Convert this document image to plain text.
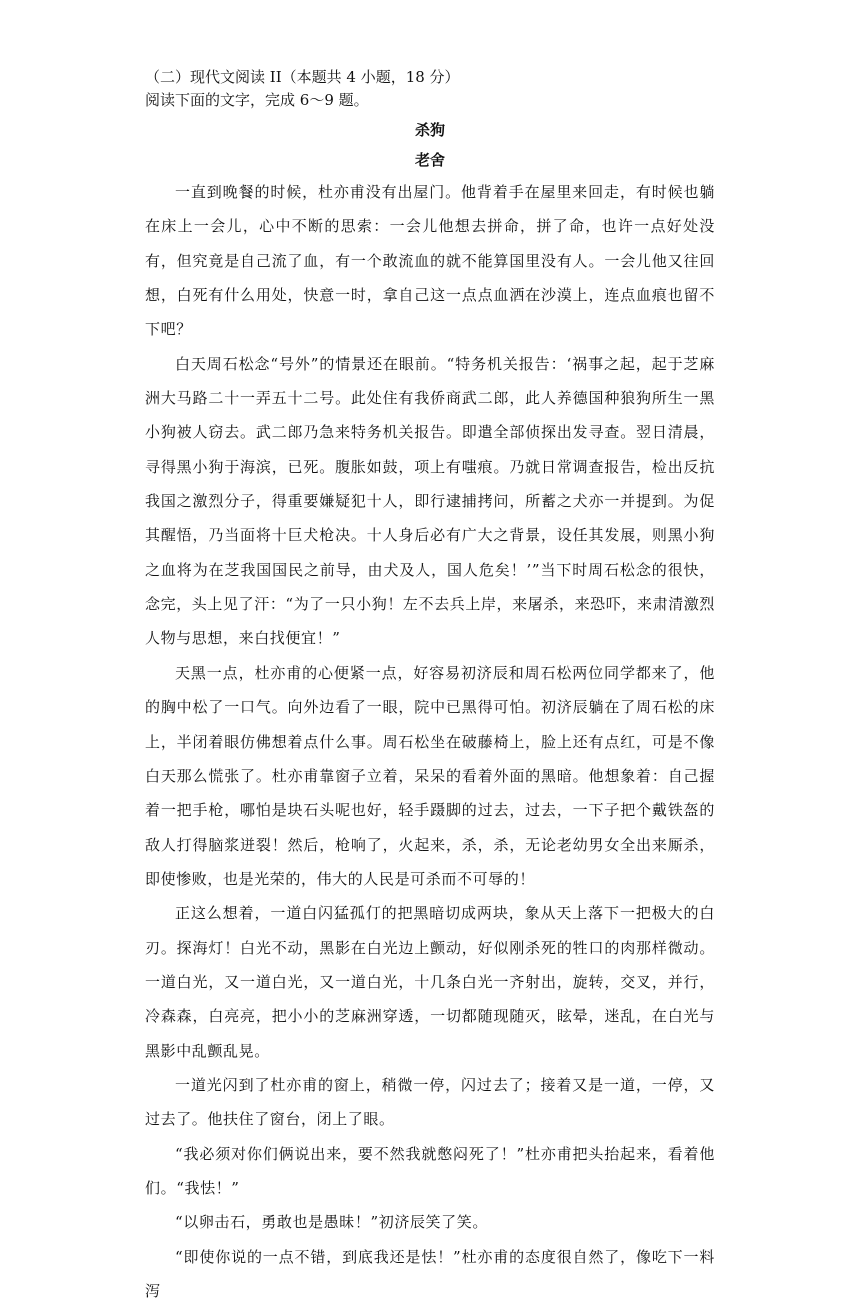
（二）现代文阅读 II（本题共 4 小题，18 分）
阅读下面的文字，完成 6～9 题。
杀狗
老舍

一直到晚餐的时候，杜亦甫没有出屋门。他背着手在屋里来回走，有时候也躺在床上一会儿，心中不断的思索：一会儿他想去拼命，拼了命，也许一点好处没有，但究竟是自己流了血，有一个敢流血的就不能算国里没有人。一会儿他又往回想，白死有什么用处，快意一时，拿自己这一点点血洒在沙漠上，连点血痕也留不下吧？

白天周石松念“号外”的情景还在眼前。“特务机关报告：‘祸事之起，起于芝麻洲大马路二十一弄五十二号。此处住有我侨商武二郎，此人养德国种狼狗所生一黑小狗被人窃去。武二郎乃急来特务机关报告。即遣全部侦探出发寻查。翌日清晨，寻得黑小狗于海滨，已死。腹胀如鼓，项上有嗤痕。乃就日常调查报告，检出反抗我国之激烈分子，得重要嫌疑犯十人，即行逮捕拷问，所蓄之犬亦一并提到。为促其醒悟，乃当面将十巨犬枪决。十人身后必有广大之背景，设任其发展，则黑小狗之血将为在芝我国国民之前导，由犬及人，国人危矣！’”当下时周石松念的很快，念完，头上见了汗：“为了一只小狗！左不去兵上岸，来屠杀，来恐吓，来肃清激烈人物与思想，来白找便宜！”

天黑一点，杜亦甫的心便紧一点，好容易初济辰和周石松两位同学都来了，他的胸中松了一口气。向外边看了一眼，院中已黑得可怕。初济辰躺在了周石松的床上，半闭着眼仿佛想着点什么事。周石松坐在破藤椅上，脸上还有点红，可是不像白天那么慌张了。杜亦甫靠窗子立着，呆呆的看着外面的黑暗。他想象着：自己握着一把手枪，哪怕是块石头呢也好，轻手蹑脚的过去，过去，一下子把个戴铁盔的敌人打得脑浆迸裂！然后，枪响了，火起来，杀，杀，无论老幼男女全出来厮杀，即使惨败，也是光荣的，伟大的人民是可杀而不可辱的！

正这么想着，一道白闪猛孤仃的把黑暗切成两块，象从天上落下一把极大的白刃。探海灯！白光不动，黑影在白光边上颤动，好似刚杀死的牲口的肉那样微动。一道白光，又一道白光，又一道白光，十几条白光一齐射出，旋转，交叉，并行，冷森森，白亮亮，把小小的芝麻洲穿透，一切都随现随灭，眩晕，迷乱，在白光与黑影中乱颤乱晃。

一道光闪到了杜亦甫的窗上，稍微一停，闪过去了；接着又是一道，一停，又过去了。他扶住了窗台，闭上了眼。

“我必须对你们俩说出来，要不然我就憋闷死了！”杜亦甫把头抬起来，看着他们。“我怯！”

“以卵击石，勇敢也是愚昧！”初济辰笑了笑。

“即使你说的一点不错，到底我还是怯！”杜亦甫的态度很自然了，像吃下一料泻
